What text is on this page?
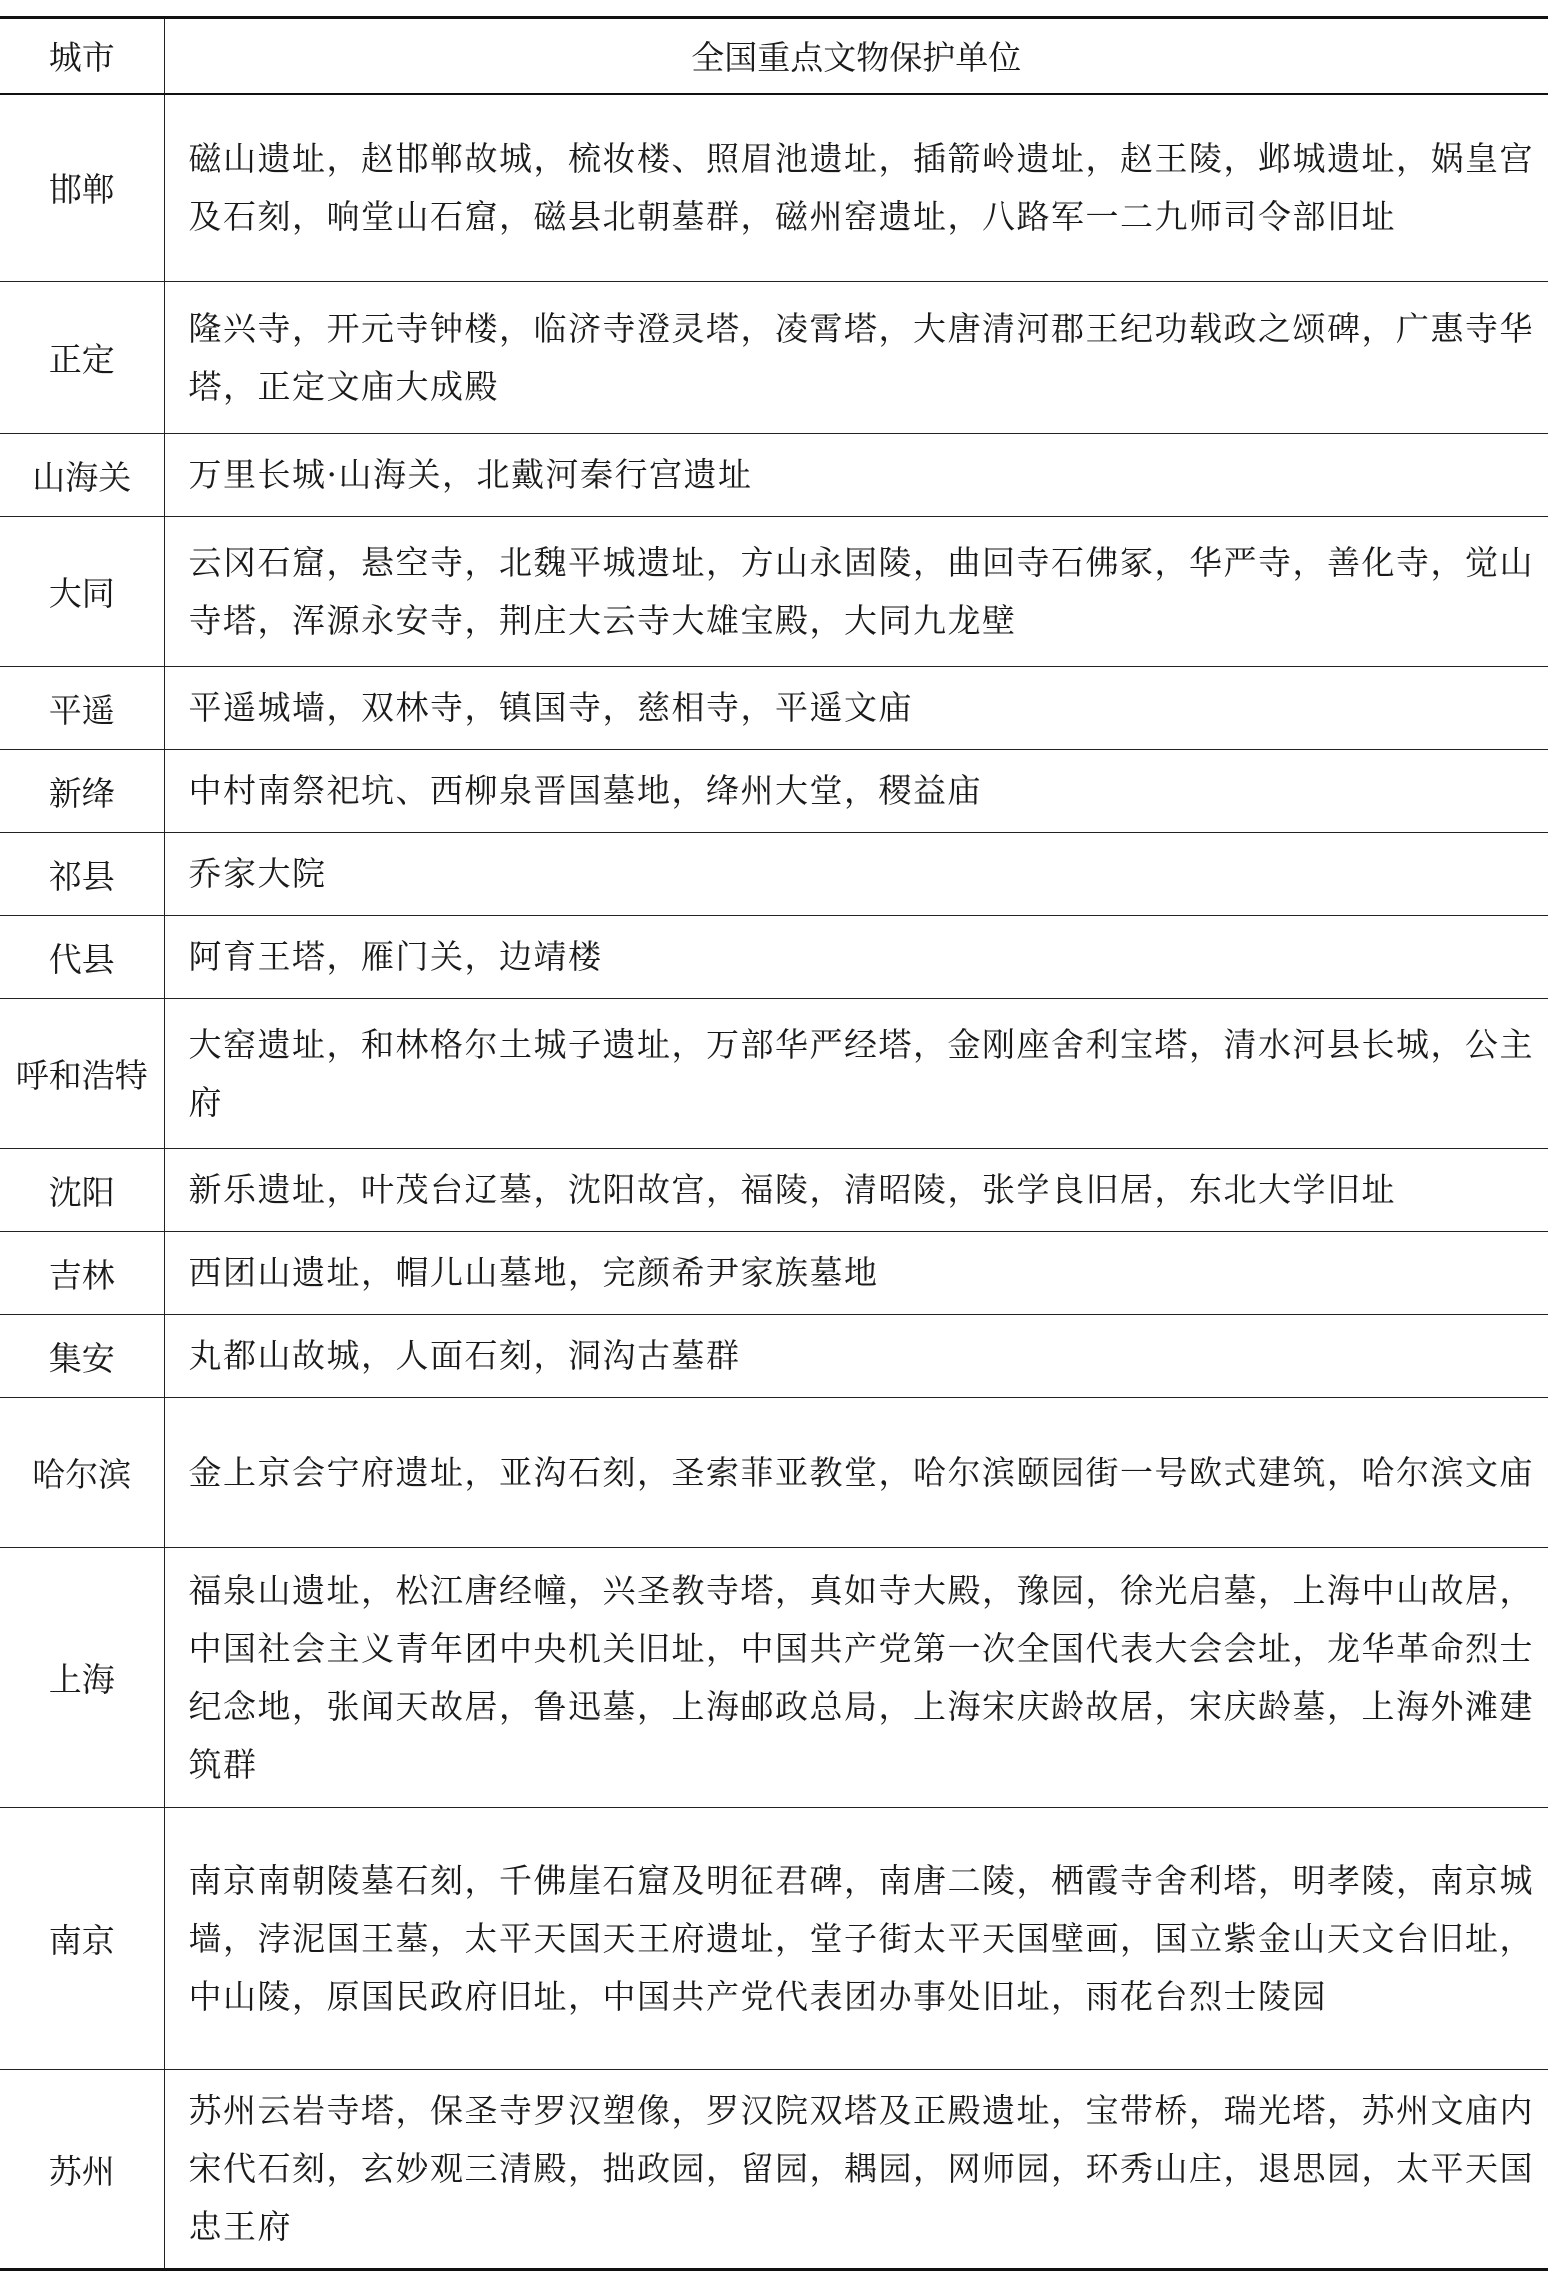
城市	全国重点文物保护单位
邯郸	磁山遗址，赵邯郸故城，梳妆楼、照眉池遗址，插箭岭遗址，赵王陵，邺城遗址，娲皇宫及石刻，响堂山石窟，磁县北朝墓群，磁州窑遗址，八路军一二九师司令部旧址
正定	隆兴寺，开元寺钟楼，临济寺澄灵塔，凌霄塔，大唐清河郡王纪功载政之颂碑，广惠寺华塔，正定文庙大成殿
山海关	万里长城·山海关，北戴河秦行宫遗址
大同	云冈石窟，悬空寺，北魏平城遗址，方山永固陵，曲回寺石佛冢，华严寺，善化寺，觉山寺塔，浑源永安寺，荆庄大云寺大雄宝殿，大同九龙壁
平遥	平遥城墙，双林寺，镇国寺，慈相寺，平遥文庙
新绛	中村南祭祀坑、西柳泉晋国墓地，绛州大堂，稷益庙
祁县	乔家大院
代县	阿育王塔，雁门关，边靖楼
呼和浩特	大窑遗址，和林格尔土城子遗址，万部华严经塔，金刚座舍利宝塔，清水河县长城，公主府
沈阳	新乐遗址，叶茂台辽墓，沈阳故宫，福陵，清昭陵，张学良旧居，东北大学旧址
吉林	西团山遗址，帽儿山墓地，完颜希尹家族墓地
集安	丸都山故城，人面石刻，洞沟古墓群
哈尔滨	金上京会宁府遗址，亚沟石刻，圣索菲亚教堂，哈尔滨颐园街一号欧式建筑，哈尔滨文庙
上海	福泉山遗址，松江唐经幢，兴圣教寺塔，真如寺大殿，豫园，徐光启墓，上海中山故居，中国社会主义青年团中央机关旧址，中国共产党第一次全国代表大会会址，龙华革命烈士纪念地，张闻天故居，鲁迅墓，上海邮政总局，上海宋庆龄故居，宋庆龄墓，上海外滩建筑群
南京	南京南朝陵墓石刻，千佛崖石窟及明征君碑，南唐二陵，栖霞寺舍利塔，明孝陵，南京城墙，浡泥国王墓，太平天国天王府遗址，堂子街太平天国壁画，国立紫金山天文台旧址，中山陵，原国民政府旧址，中国共产党代表团办事处旧址，雨花台烈士陵园
苏州	苏州云岩寺塔，保圣寺罗汉塑像，罗汉院双塔及正殿遗址，宝带桥，瑞光塔，苏州文庙内宋代石刻，玄妙观三清殿，拙政园，留园，耦园，网师园，环秀山庄，退思园，太平天国忠王府
